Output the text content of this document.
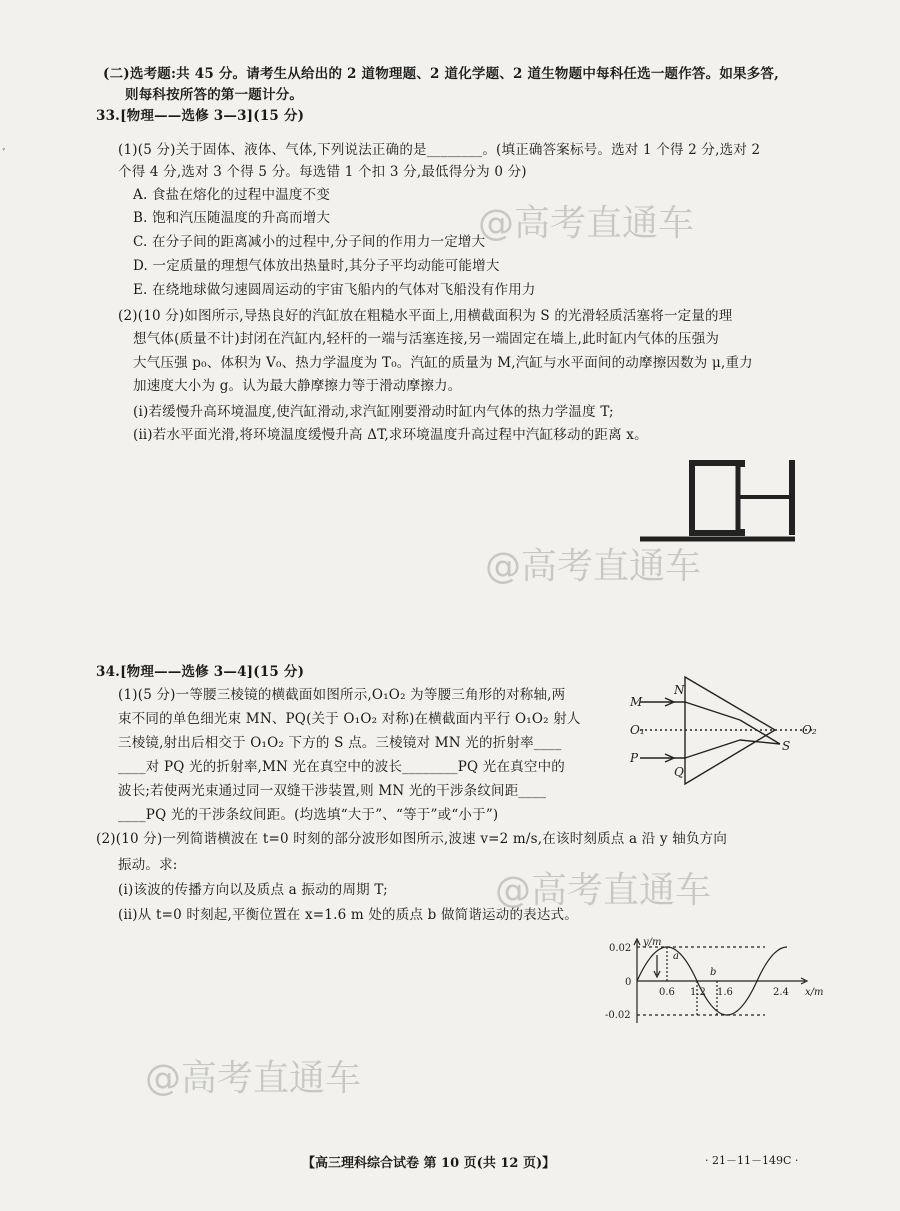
ﾞ
(二)选考题:共 45 分。请考生从给出的 2 道物理题、2 道化学题、2 道生物题中每科任选一题作答。如果多答,
则每科按所答的第一题计分。
33.[物理——选修 3—3](15 分)
(1)(5 分)关于固体、液体、气体,下列说法正确的是________。(填正确答案标号。选对 1 个得 2 分,选对 2
个得 4 分,选对 3 个得 5 分。每选错 1 个扣 3 分,最低得分为 0 分)
A. 食盐在熔化的过程中温度不变
B. 饱和汽压随温度的升高而增大
C. 在分子间的距离减小的过程中,分子间的作用力一定增大
D. 一定质量的理想气体放出热量时,其分子平均动能可能增大
E. 在绕地球做匀速圆周运动的宇宙飞船内的气体对飞船没有作用力
(2)(10 分)如图所示,导热良好的汽缸放在粗糙水平面上,用横截面积为 S 的光滑轻质活塞将一定量的理
想气体(质量不计)封闭在汽缸内,轻杆的一端与活塞连接,另一端固定在墙上,此时缸内气体的压强为
大气压强 p₀、体积为 V₀、热力学温度为 T₀。汽缸的质量为 M,汽缸与水平面间的动摩擦因数为 μ,重力
加速度大小为 g。认为最大静摩擦力等于滑动摩擦力。
(ⅰ)若缓慢升高环境温度,使汽缸滑动,求汽缸刚要滑动时缸内气体的热力学温度 T;
(ⅱ)若水平面光滑,将环境温度缓慢升高 ΔT,求环境温度升高过程中汽缸移动的距离 x。
34.[物理——选修 3—4](15 分)
(1)(5 分)一等腰三棱镜的横截面如图所示,O₁O₂ 为等腰三角形的对称轴,两
束不同的单色细光束 MN、PQ(关于 O₁O₂ 对称)在横截面内平行 O₁O₂ 射人
三棱镜,射出后相交于 O₁O₂ 下方的 S 点。三棱镜对 MN 光的折射率____
____对 PQ 光的折射率,MN 光在真空中的波长________PQ 光在真空中的
波长;若使两光束通过同一双缝干涉装置,则 MN 光的干涉条纹间距____
____PQ 光的干涉条纹间距。(均选填“大于”、“等于”或“小于”)
(2)(10 分)一列简谐横波在 t=0 时刻的部分波形如图所示,波速 v=2 m/s,在该时刻质点 a 沿 y 轴负方向
振动。求:
(ⅰ)该波的传播方向以及质点 a 振动的周期 T;
(ⅱ)从 t=0 时刻起,平衡位置在 x=1.6 m 处的质点 b 做简谐运动的表达式。
M
N
O₁	O₂
P
Q
S
y/m
x/m
0.02
-0.02
0
0.6 1.2 1.6	2.4
a
b
@高考直通车
@高考直通车
@高考直通车
@高考直通车
【高三理科综合试卷 第 10 页(共 12 页)】	· 21－11－149C ·
